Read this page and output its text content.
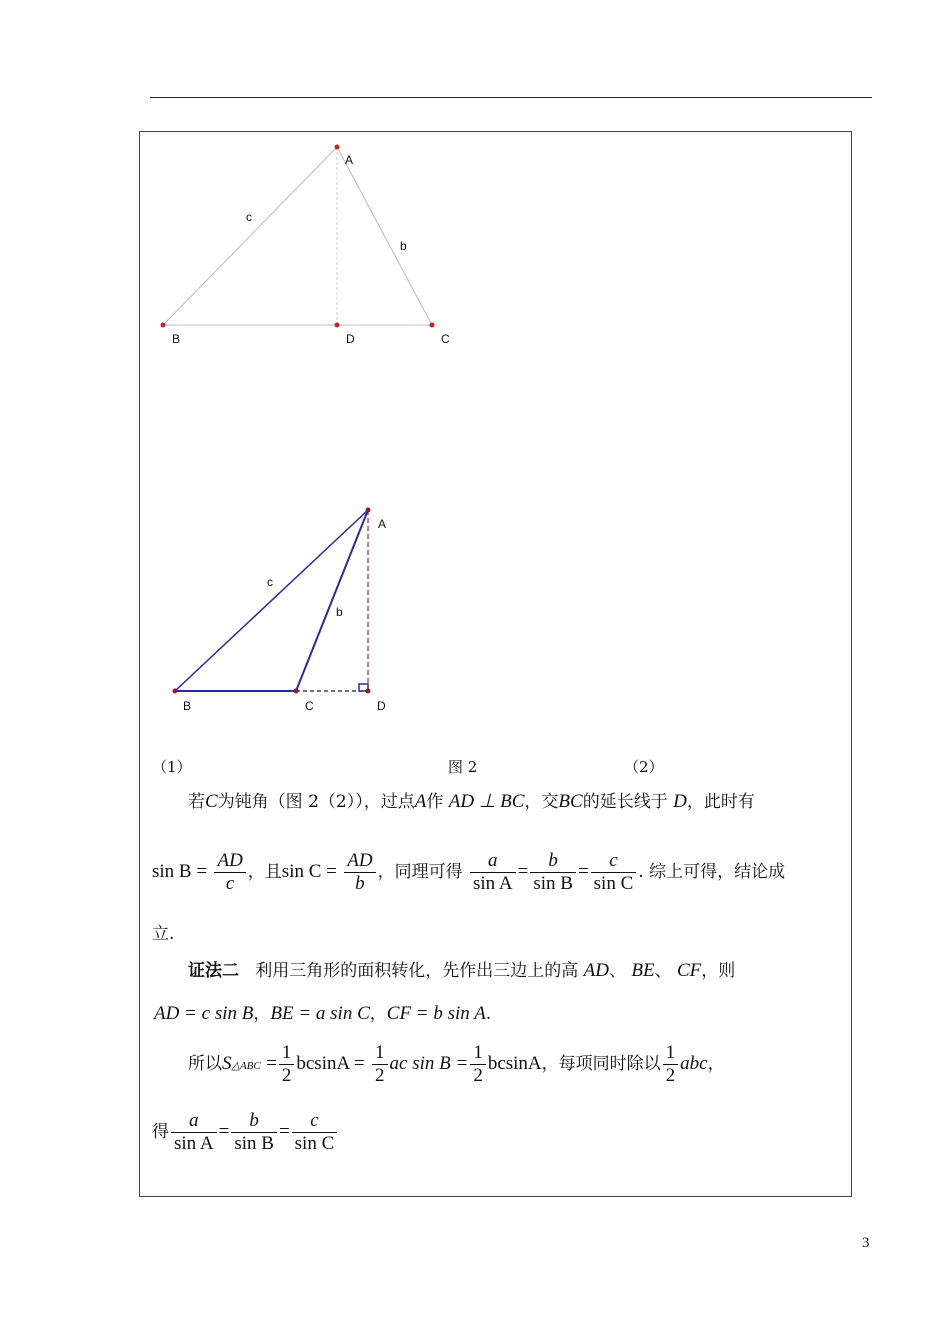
A
B	D	C
c
b
A
B	C	D
c
b
（1）	图 2	（2）
若C为钝角（图 2（2）），过点A作 AD ⊥ BC，交BC的延长线于 D，此时有
$\sin B = \frac{AD}{c}$ ，且$\sin C = \frac{AD}{b}$ ，同理可得 $\frac{a}{\text{sin A}} = \frac{b}{\text{sin B}} = \frac{c}{\text{sin C}}$ . 综上可得，结论成
立.
证法二 利用三角形的面积转化，先作出三边上的高 AD、 BE、 CF，则
AD = c sin B，BE = a sin C，CF = b sin A.
所以S△ABC = $\frac{1}{2}$ $bcsinA = \frac{1}{2}$ ac $\sin B = \frac{1}{2}$ bcsinA，每项同时除以 $\frac{1}{2}$ abc，
得 $\frac{a}{\text{sin A}} = \frac{b}{\text{sin B}} = \frac{c}{\text{sin C}}$
3
